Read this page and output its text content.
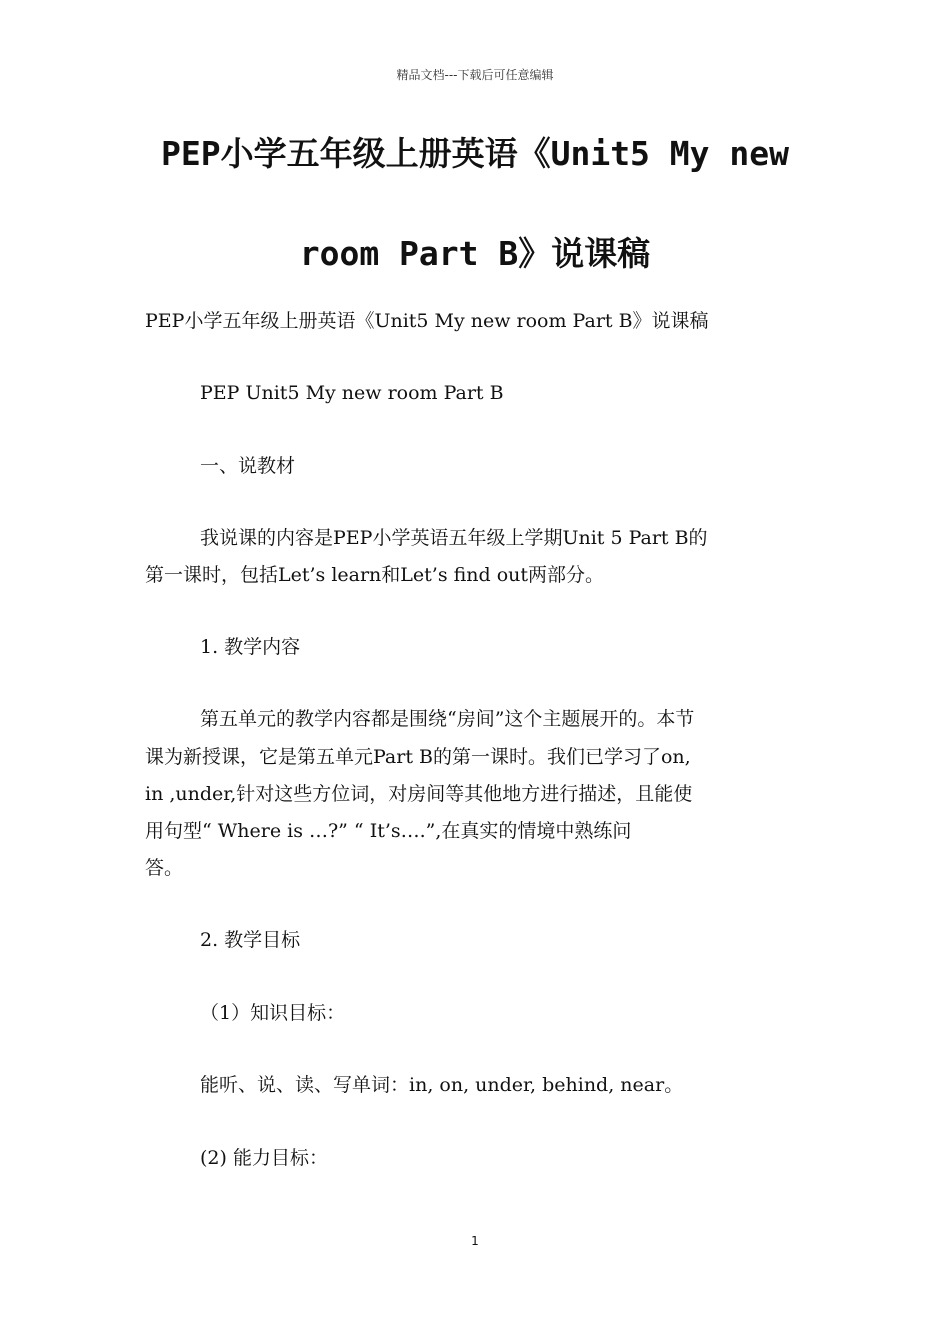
精品文档---下载后可任意编辑
PEP小学五年级上册英语《Unit5 My new
room Part B》说课稿
PEP小学五年级上册英语《Unit5 My new room Part B》说课稿
PEP Unit5 My new room Part B
一、说教材
我说课的内容是PEP小学英语五年级上学期Unit 5 Part B的
第一课时，包括Let’s learn和Let’s find out两部分。
1. 教学内容
第五单元的教学内容都是围绕“房间”这个主题展开的。本节
课为新授课，它是第五单元Part B的第一课时。我们已学习了on,
in ,under,针对这些方位词，对房间等其他地方进行描述，且能使
用句型“ Where is …?” “ It’s….”,在真实的情境中熟练问
答。
2. 教学目标
（1）知识目标：
能听、说、读、写单词：in, on, under, behind, near。
(2) 能力目标：
1
